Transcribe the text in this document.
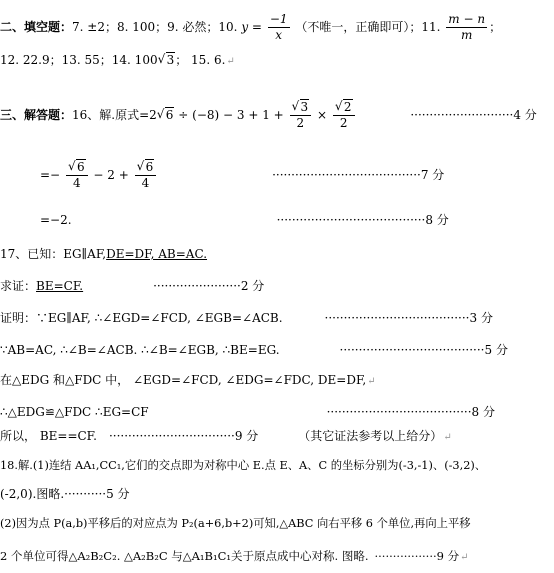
二、填空题：7. ±2；8. 100；9. 必然；10. $y = \frac{-1}{x}$ （不唯一，正确即可）；11. $\frac{m - n}{m}$ ；
12. 22.9；13. 55；14. 100 √ 3； 15. 6.↵
三、解答题：16、解.原式=2 √ 6 ÷ (−8) − 3 + 1 + √ $\frac{3}{2}$ × √ $\frac{2}{2}$	···························4 分
=− √ $\frac{6}{4} - 2$ + √ $\frac{6}{4}$	·······································7 分
=−2.	·······································8 分
17、已知：EG∥AF,DE=DF, AB=AC.
求证：BE=CF.	·······················2 分
证明：∵EG∥AF, ∴∠EGD=∠FCD, ∠EGB=∠ACB.	······································3 分
∵AB=AC, ∴∠B=∠ACB. ∴∠B=∠EGB, ∴BE=EG.	······································5 分
在△EDG 和△FDC 中， ∠EGD=∠FCD, ∠EDG=∠FDC, DE=DF,↵
∴△EDG≌△FDC ∴EG=CF	······································8 分
所以， BE==CF. ·································9 分	（其它证法参考以上给分）↵
18.解.(1)连结 AA₁,CC₁,它们的交点即为对称中心 E.点 E、A、C 的坐标分别为(-3,-1)、(-3,2)、
(-2,0).图略.···········5 分
(2)因为点 P(a,b)平移后的对应点为 P₂(a+6,b+2)可知,△ABC 向右平移 6 个单位,再向上平移
2 个单位可得△A₂B₂C₂. △A₂B₂C 与△A₁B₁C₁关于原点成中心对称. 图略. ·················9 分↵
